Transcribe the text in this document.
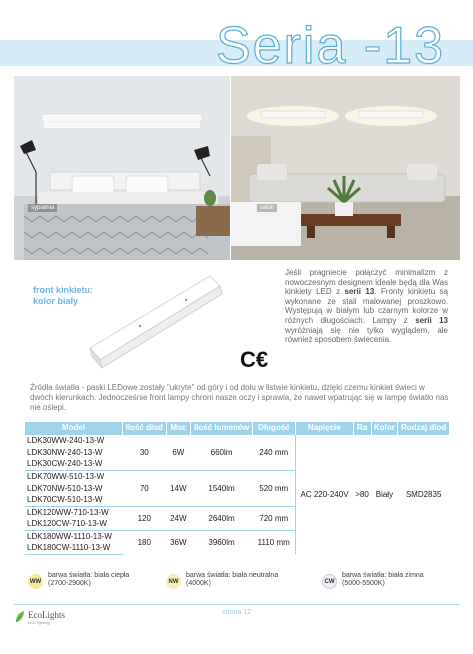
Seria -13
sypialnia	salon
front kinkietu:
kolor biały
C€
Jeśli pragniecie połączyć minimalizm z nowoczesnym designem ideale będą dla Was kinkiety LED z serii 13. Fronty kinkietu są wykonane ze stali malowanej proszkowo. Występują w białym lub czarnym kolorze w różnych długościach. Lampy z serii 13 wyróżniają się nie tylko wyglądem, ale również sposobem świecenia.
Źródła światła - paski LEDowe zostały "ukryte" od góry i od dołu w listwie kinkietu, dzięki czemu kinkiet świeci w dwóch kierunkach. Jednocześnie front lampy chroni nasze oczy i sprawia, że nawet wpatrując się w lampę światło nas nie oślepi.
Model	Ilość diod	Moc	Ilość lumenów	Długość	Napięcie	Ra	Kolor	Rodzaj diod
LDK30WW-240-13-W	30	6W	660lm	240 mm	AC 220-240V	>80	Biały	SMD2835
LDK30NW-240-13-W								
LDK30CW-240-13-W								
LDK70WW-510-13-W	70	14W	1540lm	520 mm				
LDK70NW-510-13-W								
LDK70CW-510-13-W								
LDK120WW-710-13-W	120	24W	2640lm	720 mm				
LDK120CW-710-13-W								
LDK180WW-1110-13-W	180	36W	3960lm	1110 mm				
LDK180CW-1110-13-W								
WW
barwa światła: biała ciepła
(2700-2900K)	NW
barwa światła: biała neutralna
(4000K)	CW
barwa światła: biała zimna
(5000-5500K)
EcoLights
LED lighting
strona 12
